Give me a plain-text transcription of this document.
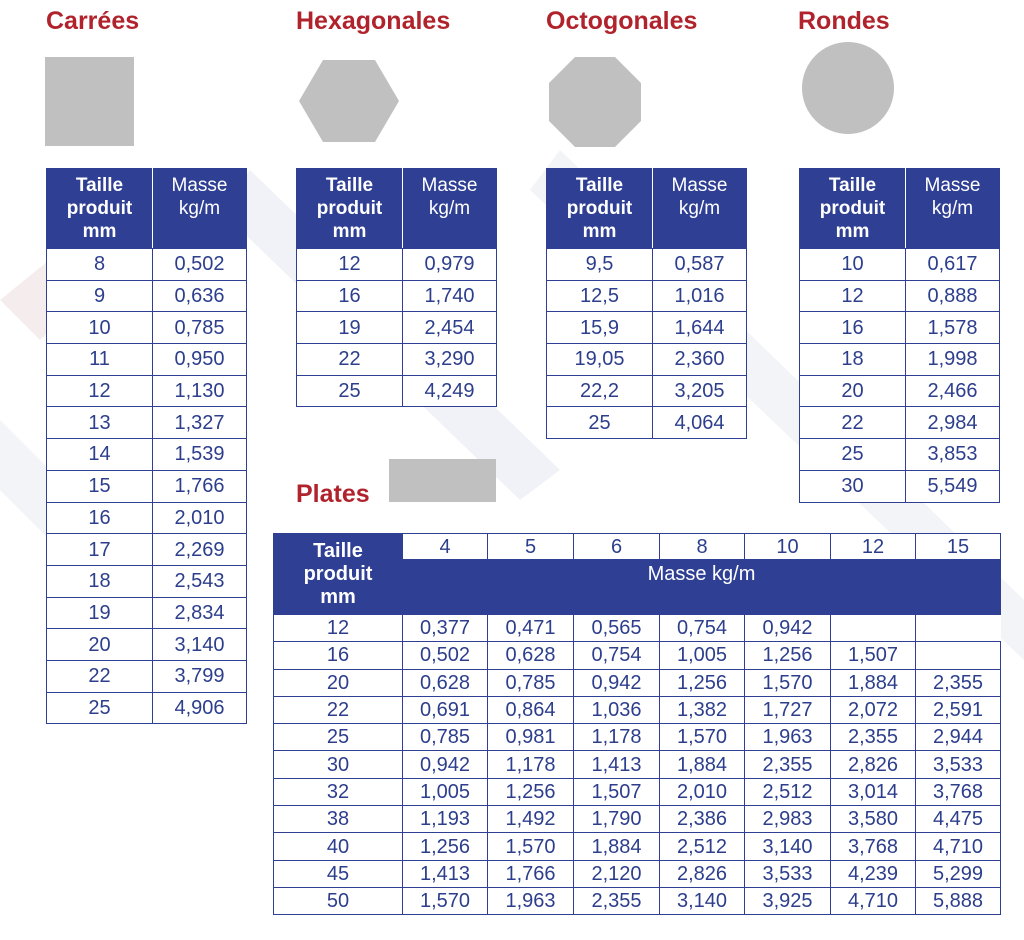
Carrées
Taille
produit
mm	Masse
kg/m

8	0,502
9	0,636
10	0,785
11	0,950
12	1,130
13	1,327
14	1,539
15	1,766
16	2,010
17	2,269
18	2,543
19	2,834
20	3,140
22	3,799
25	4,906
Hexagonales
Taille
produit
mm	Masse
kg/m

12	0,979
16	1,740
19	2,454
22	3,290
25	4,249
Octogonales
Taille
produit
mm	Masse
kg/m

9,5	0,587
12,5	1,016
15,9	1,644
19,05	2,360
22,2	3,205
25	4,064
Rondes
Taille
produit
mm	Masse
kg/m

10	0,617
12	0,888
16	1,578
18	1,998
20	2,466
22	2,984
25	3,853
30	5,549
Plates
Taille
produit
mm	4	5	6	8	10	12	15
	Masse kg/m						
12	0,377	0,471	0,565	0,754	0,942		
16	0,502	0,628	0,754	1,005	1,256	1,507	
20	0,628	0,785	0,942	1,256	1,570	1,884	2,355
22	0,691	0,864	1,036	1,382	1,727	2,072	2,591
25	0,785	0,981	1,178	1,570	1,963	2,355	2,944
30	0,942	1,178	1,413	1,884	2,355	2,826	3,533
32	1,005	1,256	1,507	2,010	2,512	3,014	3,768
38	1,193	1,492	1,790	2,386	2,983	3,580	4,475
40	1,256	1,570	1,884	2,512	3,140	3,768	4,710
45	1,413	1,766	2,120	2,826	3,533	4,239	5,299
50	1,570	1,963	2,355	3,140	3,925	4,710	5,888
